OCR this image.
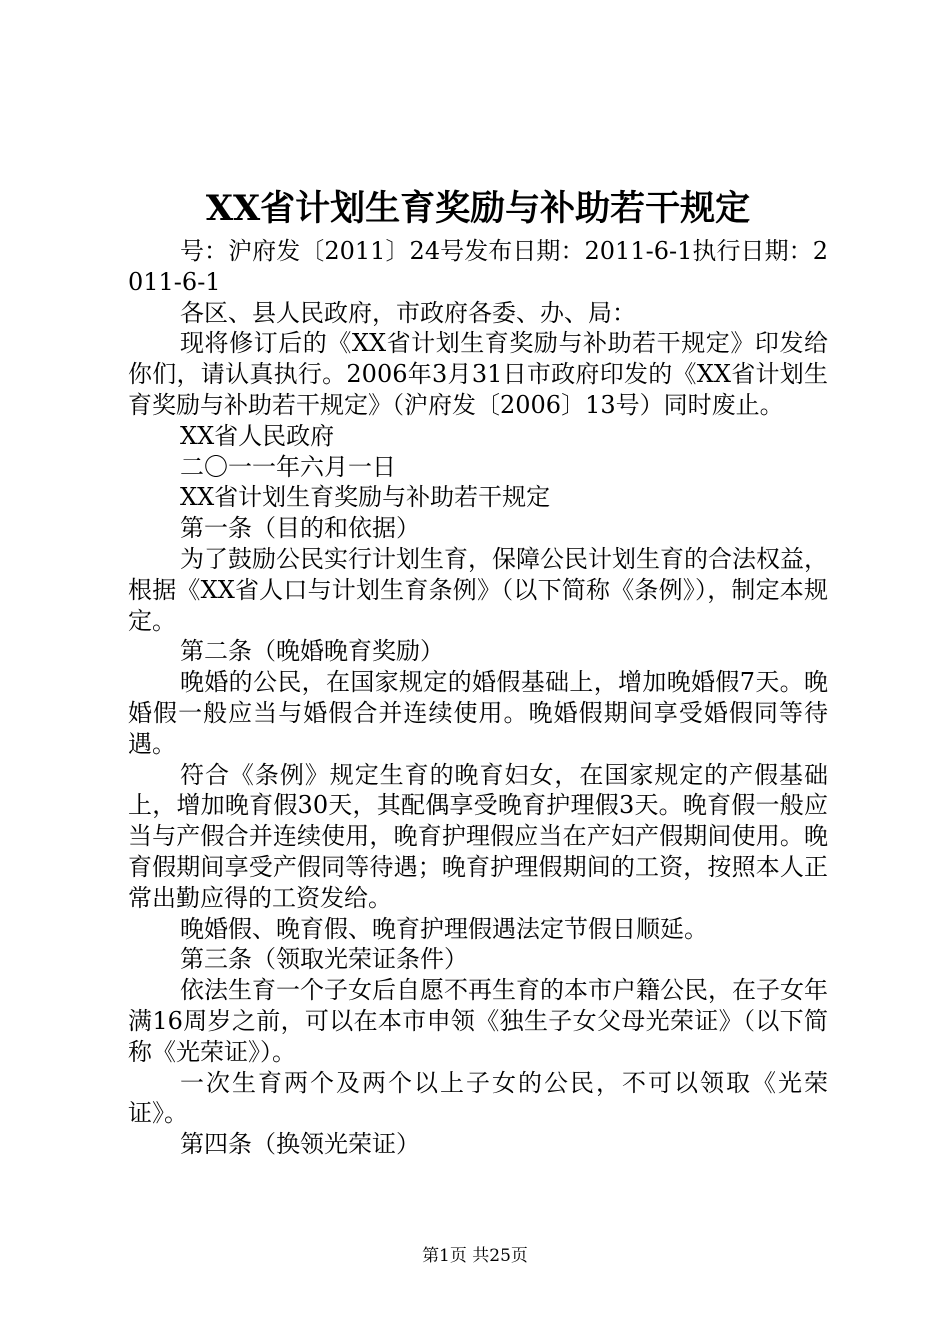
XX省计划生育奖励与补助若干规定

号：沪府发〔2011〕24号发布日期：2011-6-1执行日期：2011-6-1

各区、县人民政府，市政府各委、办、局：

现将修订后的《XX省计划生育奖励与补助若干规定》印发给你们，请认真执行。2006年3月31日市政府印发的《XX省计划生育奖励与补助若干规定》（沪府发〔2006〕13号）同时废止。

XX省人民政府

二〇一一年六月一日

XX省计划生育奖励与补助若干规定

第一条（目的和依据）

为了鼓励公民实行计划生育，保障公民计划生育的合法权益，根据《XX省人口与计划生育条例》（以下简称《条例》），制定本规定。

第二条（晚婚晚育奖励）

晚婚的公民，在国家规定的婚假基础上，增加晚婚假7天。晚婚假一般应当与婚假合并连续使用。晚婚假期间享受婚假同等待遇。

符合《条例》规定生育的晚育妇女，在国家规定的产假基础上，增加晚育假30天，其配偶享受晚育护理假3天。晚育假一般应当与产假合并连续使用，晚育护理假应当在产妇产假期间使用。晚育假期间享受产假同等待遇；晚育护理假期间的工资，按照本人正常出勤应得的工资发给。

晚婚假、晚育假、晚育护理假遇法定节假日顺延。

第三条（领取光荣证条件）

依法生育一个子女后自愿不再生育的本市户籍公民，在子女年满16周岁之前，可以在本市申领《独生子女父母光荣证》（以下简称《光荣证》）。

一次生育两个及两个以上子女的公民，不可以领取《光荣证》。

第四条（换领光荣证）

第1页 共25页
